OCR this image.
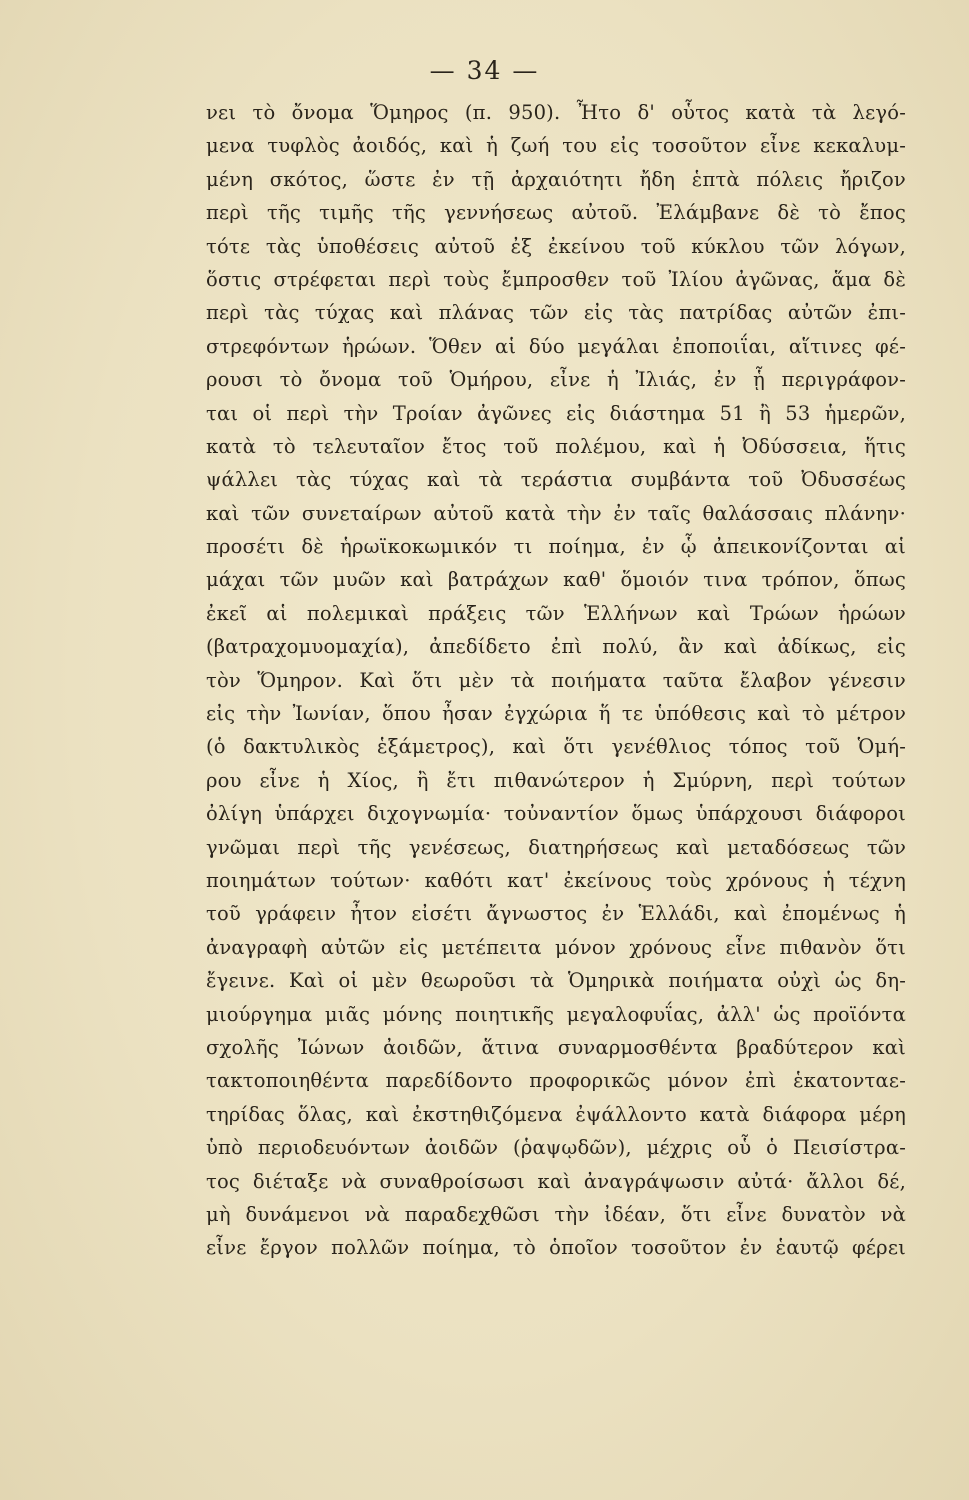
— 34 —
νει τὸ ὄνομα Ὅμηρος (π. 950). Ἦτο δ' οὗτος κατὰ τὰ λεγό-
μενα τυφλὸς ἀοιδός, καὶ ἡ ζωή του εἰς τοσοῦτον εἶνε κεκαλυμ-
μένη σκότος, ὥστε ἐν τῇ ἀρχαιότητι ἤδη ἑπτὰ πόλεις ἤριζον
περὶ τῆς τιμῆς τῆς γεννήσεως αὐτοῦ. Ἐλάμβανε δὲ τὸ ἔπος
τότε τὰς ὑποθέσεις αὐτοῦ ἐξ ἐκείνου τοῦ κύκλου τῶν λόγων,
ὅστις στρέφεται περὶ τοὺς ἔμπροσθεν τοῦ Ἰλίου ἀγῶνας, ἅμα δὲ
περὶ τὰς τύχας καὶ πλάνας τῶν εἰς τὰς πατρίδας αὐτῶν ἐπι-
στρεφόντων ἡρώων. Ὅθεν αἱ δύο μεγάλαι ἐποποιΐαι, αἵτινες φέ-
ρουσι τὸ ὄνομα τοῦ Ὁμήρου, εἶνε ἡ Ἰλιάς, ἐν ᾗ περιγράφον-
ται οἱ περὶ τὴν Τροίαν ἀγῶνες εἰς διάστημα 51 ἢ 53 ἡμερῶν,
κατὰ τὸ τελευταῖον ἔτος τοῦ πολέμου, καὶ ἡ Ὀδύσσεια, ἥτις
ψάλλει τὰς τύχας καὶ τὰ τεράστια συμβάντα τοῦ Ὀδυσσέως
καὶ τῶν συνεταίρων αὐτοῦ κατὰ τὴν ἐν ταῖς θαλάσσαις πλάνην·
προσέτι δὲ ἡρωϊκοκωμικόν τι ποίημα, ἐν ᾧ ἀπεικονίζονται αἱ
μάχαι τῶν μυῶν καὶ βατράχων καθ' ὅμοιόν τινα τρόπον, ὅπως
ἐκεῖ αἱ πολεμικαὶ πράξεις τῶν Ἑλλήνων καὶ Τρώων ἡρώων
(βατραχομυομαχία), ἀπεδίδετο ἐπὶ πολύ, ἂν καὶ ἀδίκως, εἰς
τὸν Ὅμηρον. Καὶ ὅτι μὲν τὰ ποιήματα ταῦτα ἔλαβον γένεσιν
εἰς τὴν Ἰωνίαν, ὅπου ἦσαν ἐγχώρια ἥ τε ὑπόθεσις καὶ τὸ μέτρον
(ὁ δακτυλικὸς ἑξάμετρος), καὶ ὅτι γενέθλιος τόπος τοῦ Ὁμή-
ρου εἶνε ἡ Χίος, ἢ ἔτι πιθανώτερον ἡ Σμύρνη, περὶ τούτων
ὀλίγη ὑπάρχει διχογνωμία· τοὐναντίον ὅμως ὑπάρχουσι διάφοροι
γνῶμαι περὶ τῆς γενέσεως, διατηρήσεως καὶ μεταδόσεως τῶν
ποιημάτων τούτων· καθότι κατ' ἐκείνους τοὺς χρόνους ἡ τέχνη
τοῦ γράφειν ἦτον εἰσέτι ἄγνωστος ἐν Ἑλλάδι, καὶ ἐπομένως ἡ
ἀναγραφὴ αὐτῶν εἰς μετέπειτα μόνον χρόνους εἶνε πιθανὸν ὅτι
ἔγεινε. Καὶ οἱ μὲν θεωροῦσι τὰ Ὁμηρικὰ ποιήματα οὐχὶ ὡς δη-
μιούργημα μιᾶς μόνης ποιητικῆς μεγαλοφυΐας, ἀλλ' ὡς προϊόντα
σχολῆς Ἰώνων ἀοιδῶν, ἅτινα συναρμοσθέντα βραδύτερον καὶ
τακτοποιηθέντα παρεδίδοντο προφορικῶς μόνον ἐπὶ ἑκατονταε-
τηρίδας ὅλας, καὶ ἐκστηθιζόμενα ἐψάλλοντο κατὰ διάφορα μέρη
ὑπὸ περιοδευόντων ἀοιδῶν (ῥαψῳδῶν), μέχρις οὗ ὁ Πεισίστρα-
τος διέταξε νὰ συναθροίσωσι καὶ ἀναγράψωσιν αὐτά· ἄλλοι δέ,
μὴ δυνάμενοι νὰ παραδεχθῶσι τὴν ἰδέαν, ὅτι εἶνε δυνατὸν νὰ
εἶνε ἔργον πολλῶν ποίημα, τὸ ὁποῖον τοσοῦτον ἐν ἑαυτῷ φέρει
